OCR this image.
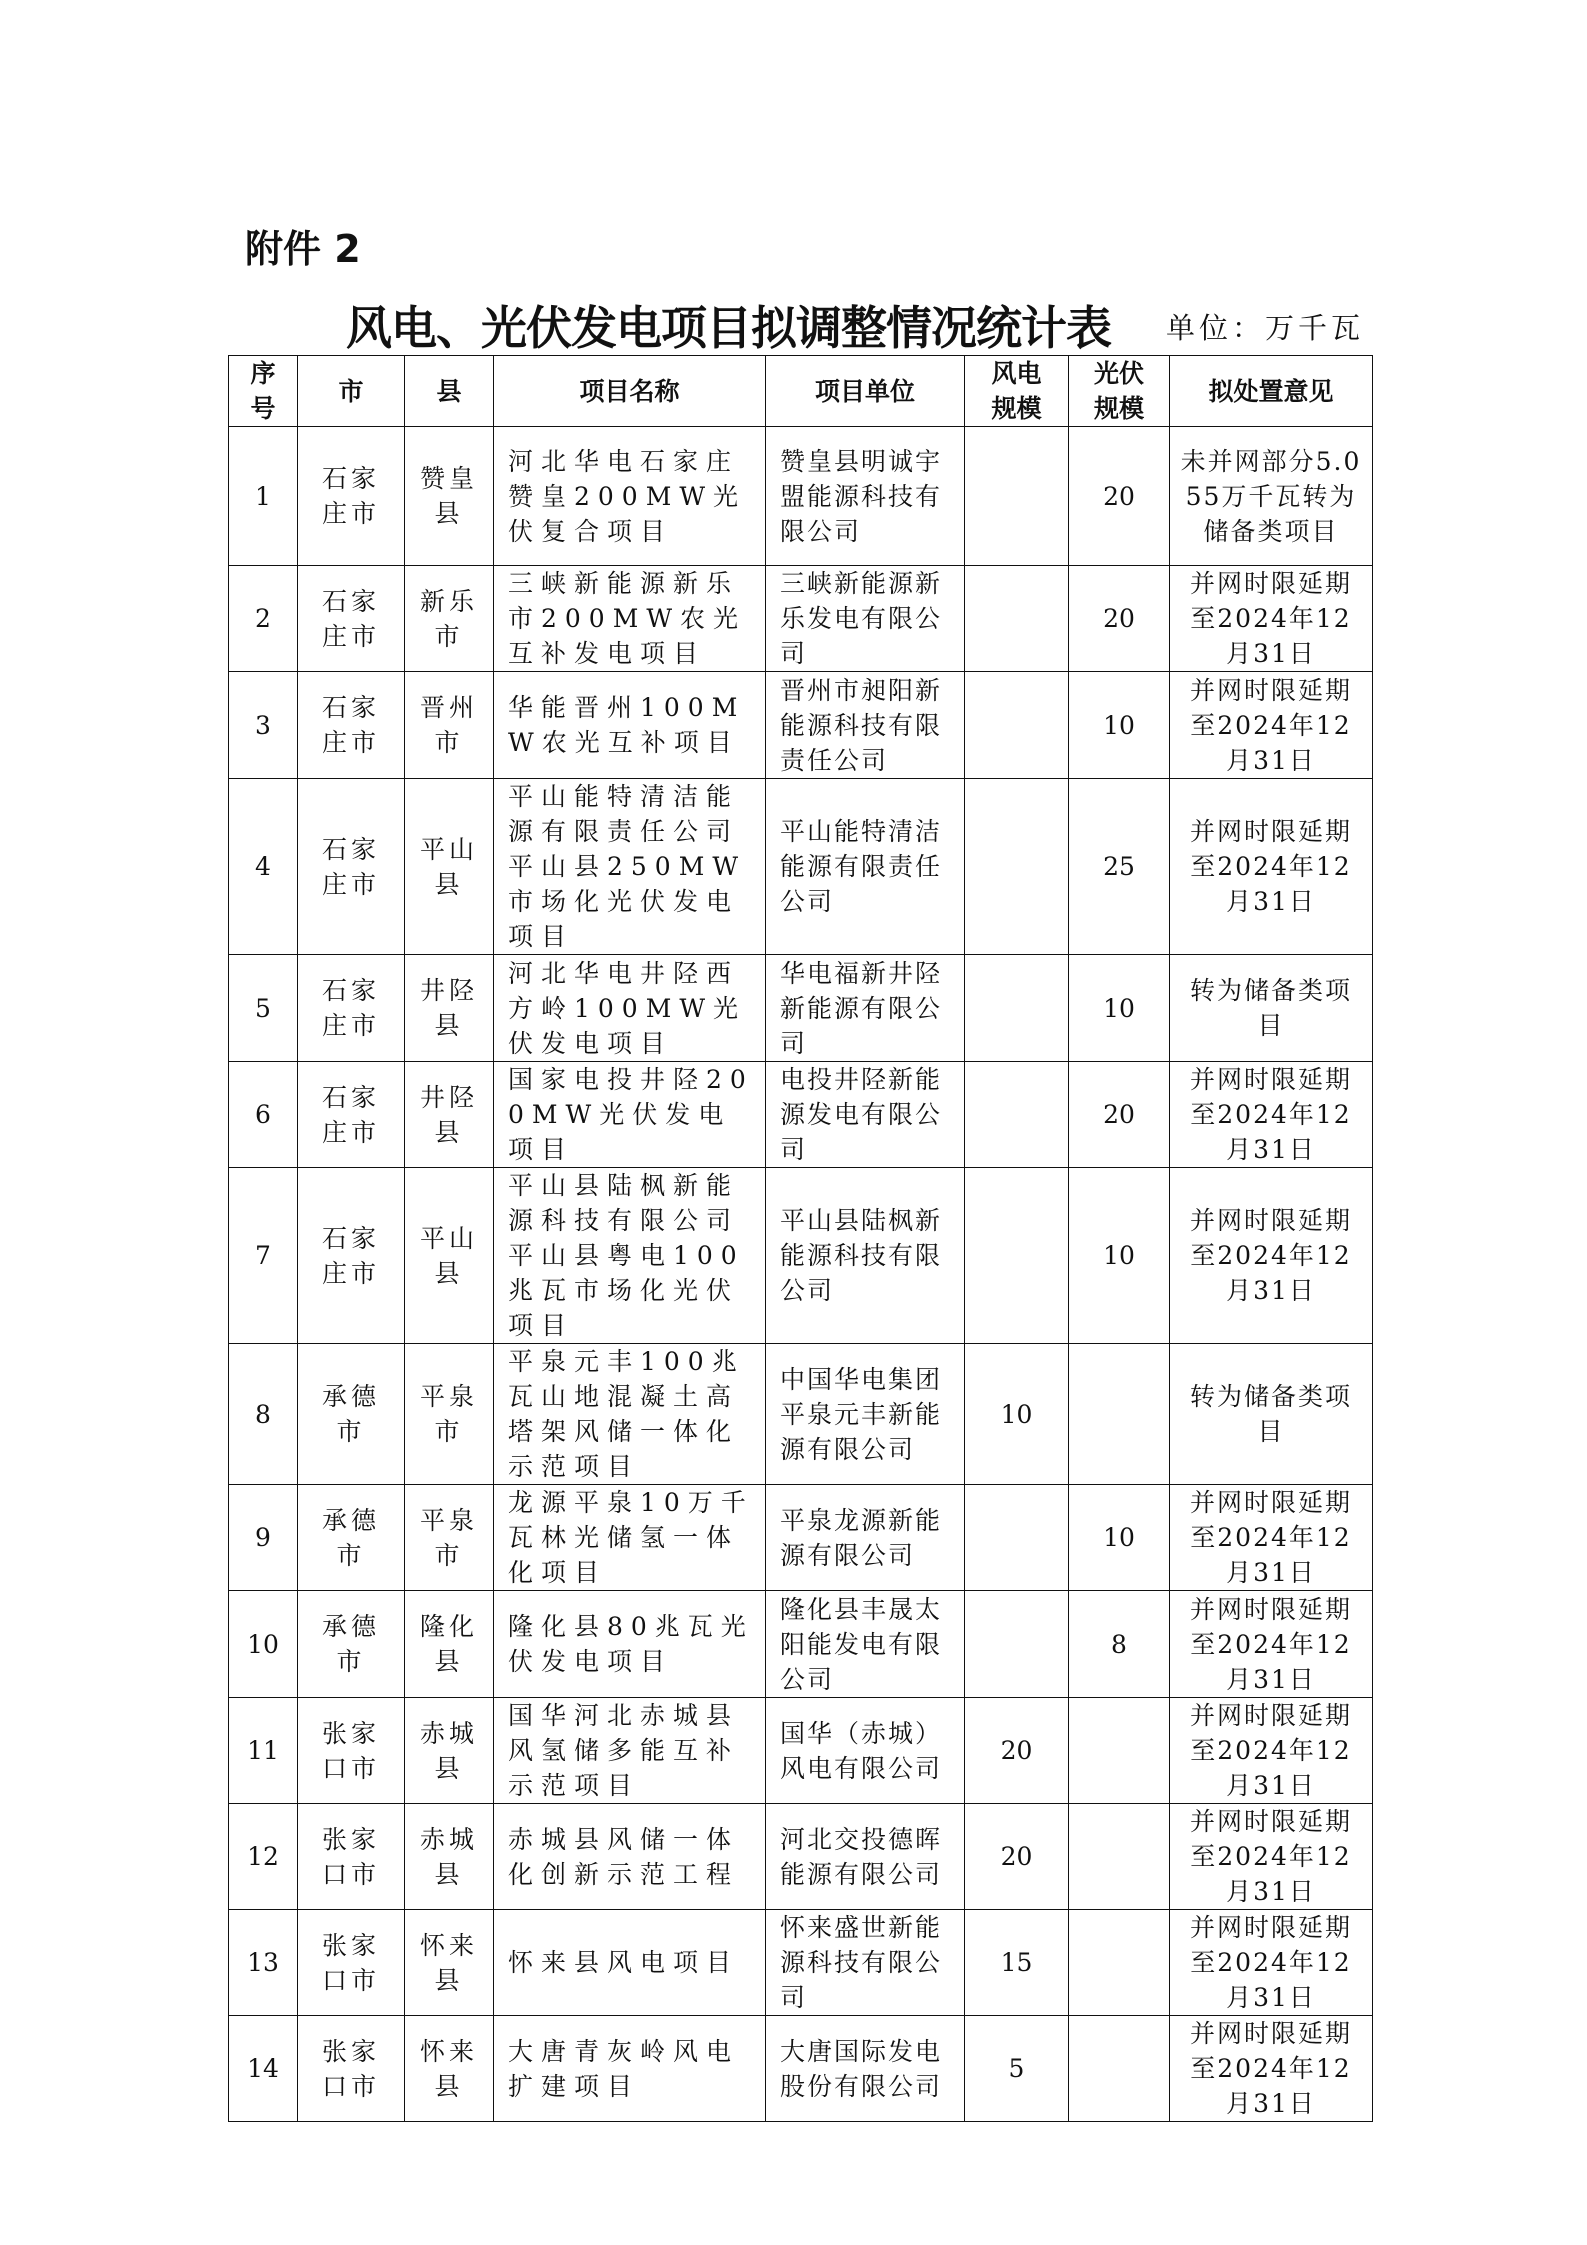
附件 2
风电、光伏发电项目拟调整情况统计表 单位：万千瓦
序号	市	县	项目名称	项目单位	风电规模	光伏规模	拟处置意见
1	石家庄市	赞皇县	河北华电石家庄赞皇200MW光伏复合项目	赞皇县明诚宇盟能源科技有限公司		20	未并网部分5.055万千瓦转为储备类项目
2	石家庄市	新乐市	三峡新能源新乐市200MW农光互补发电项目	三峡新能源新乐发电有限公司		20	并网时限延期至2024年12月31日
3	石家庄市	晋州市	华能晋州100MW农光互补项目	晋州市昶阳新能源科技有限责任公司		10	并网时限延期至2024年12月31日
4	石家庄市	平山县	平山能特清洁能源有限责任公司平山县250MW市场化光伏发电项目	平山能特清洁能源有限责任公司		25	并网时限延期至2024年12月31日
5	石家庄市	井陉县	河北华电井陉西方岭100MW光伏发电项目	华电福新井陉新能源有限公司		10	转为储备类项目
6	石家庄市	井陉县	国家电投井陉200MW光伏发电项目	电投井陉新能源发电有限公司		20	并网时限延期至2024年12月31日
7	石家庄市	平山县	平山县陆枫新能源科技有限公司平山县粤电100兆瓦市场化光伏项目	平山县陆枫新能源科技有限公司		10	并网时限延期至2024年12月31日
8	承德市	平泉市	平泉元丰100兆瓦山地混凝土高塔架风储一体化示范项目	中国华电集团平泉元丰新能源有限公司	10		转为储备类项目
9	承德市	平泉市	龙源平泉10万千瓦林光储氢一体化项目	平泉龙源新能源有限公司		10	并网时限延期至2024年12月31日
10	承德市	隆化县	隆化县80兆瓦光伏发电项目	隆化县丰晟太阳能发电有限公司		8	并网时限延期至2024年12月31日
11	张家口市	赤城县	国华河北赤城县风氢储多能互补示范项目	国华（赤城）风电有限公司	20		并网时限延期至2024年12月31日
12	张家口市	赤城县	赤城县风储一体化创新示范工程	河北交投德晖能源有限公司	20		并网时限延期至2024年12月31日
13	张家口市	怀来县	怀来县风电项目	怀来盛世新能源科技有限公司	15		并网时限延期至2024年12月31日
14	张家口市	怀来县	大唐青灰岭风电扩建项目	大唐国际发电股份有限公司	5		并网时限延期至2024年12月31日
